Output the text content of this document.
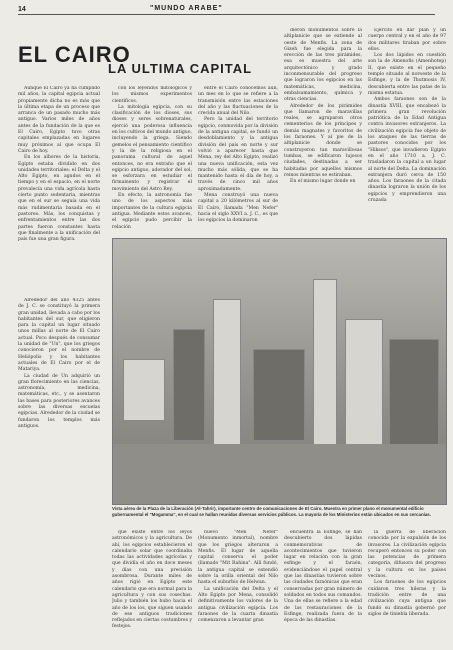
14	"MUNDO ARABE"
EL CAIRO
LA ULTIMA CAPITAL

Aunque El Cairo ya ha cumplido mil años, la capital egipcia actual propiamente dicha no es más que la última etapa de un proceso que arranca de un pasado mucho más antiguo. Varios miles de años antes de la fundación de la que es El Cairo, Egipto tuvo otras capitales emplazadas en lugares muy próximos al que ocupa El Cairo de hoy.

En los albores de la historia, Egipto estaba dividido en dos unidades territoriales: el Delta y el Alto Egipto, en agudos en el tiempo y en el espacio, en el norte prevalecía una vida agrícola hasta cierto punto sedentaria, mientras que en el sur se seguía una vida más rudimentaria basada en el pastoreo. Más, los conquistas y enfrentamientos entre las dos partes fueron constantes hasta que finalmente a la unificación del país fue una gran figura.

Alrededor del año 4325 antes de J. C. se constituyó la primera gran unidad, llevada a cabo por los habitantes del sur, que eligieron para la capital un lugar situado unos millas al norte de El Cairo actual. Poco después de consumar la unidad de "Un", que los griegos conocieron por el nombre de Heliópolis y los habitantes actuales de El Cairo por el de Matariya.

La ciudad de Un adquirió un gran florecimiento en las ciencias, astronomía, medicina, matemáticas, etc., y se asentaron las bases para posteriores avances sobre las diversas escuelas egipcias. Alrededor de la ciudad se fundaron los templos más antiguos.

con los leyendos mitológicos y los mismos experimentos científicos.

La mitología egipcia, con su clasificación de los dioses, sus dioses y seres sobrenaturales, ejerció una poderosa influencia en los cultivos del mundo antiguo, incluyendo la griega. Siendo gemelos el pensamiento científico y la de la religiosa en el panorama cultural de aquel entonces, no era extraño que el egipcio antiguo, adorador del sol, se esforzara en estudiar el firmamento y registrar el movimiento del Astro Rey.

En efecto, la astronomía fue uno de los aspectos más importantes de la cultura egipcia antigua. Mediante estos avances, el egipcio pudo percibir la relación

entre el Cairo conocemos aún, un mes en lo que se refiere a la transmisión entre las estaciones del año y las fluctuaciones de la crecida anual del Nilo.

Pero la unidad del territorio egipcio, conmovida por la división de la antigua capital, se fundó un desdoblamiento y la antigua división del país en norte y sur volvió a aparecer hasta que Mena, rey del Alto Egipto, realizó una nueva unificación, esta vez mucho más sólida, que se ha mantenido hasta el día de hoy, a través de cinco mil años aproximadamente.

Mena construyó una nueva capital a 20 kilómetros al sur de El Cairo, llamada "Men Nefer" hacia el siglo XXVI a. J. C., es que los egipcios la dominaron

dieron monumentos sobre la altiplanicie que se extiende al oeste de Menfis. La zona de Gizeh fue elegida para la erección de las tres pirámides, esa es muestra del arte arquitectónico y grado inconmensurable del progreso que lograron los egipcios en las matemáticas, medicina, embalsamamiento, química y otras ciencias.

Alrededor de los pirámides que llamaron de maravillas reales, se agruparon otros cementerios de los príncipes y demás magnates y favoritos de los faraones. Y al pie de la altiplanicie donde se construyeron tan maravillosas tumbas, se edificaron lujosos ciudades, destinadas a ser habitadas por aquellos mismos reinos mientras se estiraban.

En el mismo lugar donde en

Ejército en dar plan y un cuerpo central y en el año de 97 dos militares tiraban por sobre ellos.

Los dos lápidos en cuestión son la de Amenofis (Amenhotep) II, que existe en el pequeño templo situado al noroeste de la Esfinge, y la de Thutmosis IV, descubierta entre las patas de la misma estatua.

Ambos faraones son de la dinastía XVIII, que encabezó la primera gran revolución patriótica de la Edad Antigua contra invasores extranjeros. La civilización egipcia fue objeto de los ataques de las tierras de pastores conocidos por los "Hiksos", que invadieron Egipto en el año 1710 a. J. C. trasladaron la capital a un lugar al norte del Delta. La dominación extranjera duró cerca de 150 años. Los faraones de la citada dinastía lograron la unión de los egipcios y emprendieron una cruzada

Vista aérea de la Plaza de la Liberación (Al-Tahrir), importante centro de comunicaciones de El Cairo. Muestra en primer plano el monumental edificio gubernamental el "Mogamma", en el cual se hallan reunidas diversas servicios públicos. La mayoría de los Ministerios están ubicados en sus cercanías.

que existe entre los leyos astronómicos y la agricultura. De ahí, los egipcios establecieron el calendario solar que coordinaba todas las actividades agrícolas y que dividía el año en doce meses y días con una precisión asombrosa. Durante miles de años rigió en Egipto este calendario que era normal para la agricultura y con sus cosechas. Julio y también los hubo hacia el año de los los, que siguen usando de ese antiguos tradiciones reflejados en ciertas costumbres y festejos.

nuevo "Men Nefer" (Monumento inmortal), nombre que los griegos alteraron a Menfis. El lugar de aquella capital conserva el poder (llamado "Mit Rahina". Allí fundó, la antigua capital se extendió sobre la orilla oriental del Nilo hasta el suburbio de Helwan.

La unificación del Delta y el Alto Egipto por Mena, consolidó definitivamente los valores de la antigua civilización egipcia. Los faraones de la cuarta dinastía comenzaron a levantar gran

encuentra la Esfinge, se han descubierto dos lápidas conmemorativas de acontecimientos que tuvieron lugar en relación con la gran esfinge y el faraón, evidenciándose el papel central que las dinastías tuvieron sobre las ciudades faraónicas que eran conservadas por gran número de soldados en todos sus comandos. Una de ellas se refiere a la edad de las restauraciones de la Esfinge, realizada fuera de la época de las dinastías.

la guerra de liberación conocida por la expulsión de los invasores. La civilización egipcia recuperó entonces su poder con las potencias de primera categoría, difusora del progreso y la cultura en los países vecinos.

Los faraones de los egipcios cuidaron tres hileras y la tradición entre de una civilización cuya antigua que fundó su dinastía gobernó por siglos de tiniebla liberada.
